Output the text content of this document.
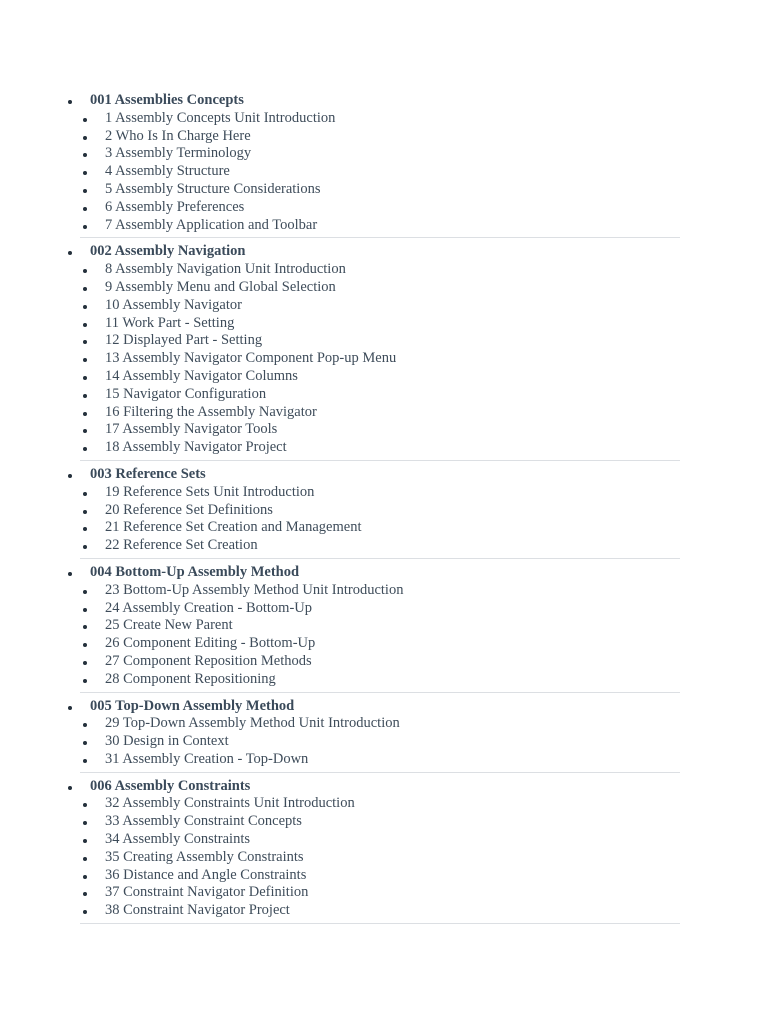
001 Assemblies Concepts
1 Assembly Concepts Unit Introduction
2 Who Is In Charge Here
3 Assembly Terminology
4 Assembly Structure
5 Assembly Structure Considerations
6 Assembly Preferences
7 Assembly Application and Toolbar
002 Assembly Navigation
8 Assembly Navigation Unit Introduction
9 Assembly Menu and Global Selection
10 Assembly Navigator
11 Work Part - Setting
12 Displayed Part - Setting
13 Assembly Navigator Component Pop-up Menu
14 Assembly Navigator Columns
15 Navigator Configuration
16 Filtering the Assembly Navigator
17 Assembly Navigator Tools
18 Assembly Navigator Project
003 Reference Sets
19 Reference Sets Unit Introduction
20 Reference Set Definitions
21 Reference Set Creation and Management
22 Reference Set Creation
004 Bottom-Up Assembly Method
23 Bottom-Up Assembly Method Unit Introduction
24 Assembly Creation - Bottom-Up
25 Create New Parent
26 Component Editing - Bottom-Up
27 Component Reposition Methods
28 Component Repositioning
005 Top-Down Assembly Method
29 Top-Down Assembly Method Unit Introduction
30 Design in Context
31 Assembly Creation - Top-Down
006 Assembly Constraints
32 Assembly Constraints Unit Introduction
33 Assembly Constraint Concepts
34 Assembly Constraints
35 Creating Assembly Constraints
36 Distance and Angle Constraints
37 Constraint Navigator Definition
38 Constraint Navigator Project
